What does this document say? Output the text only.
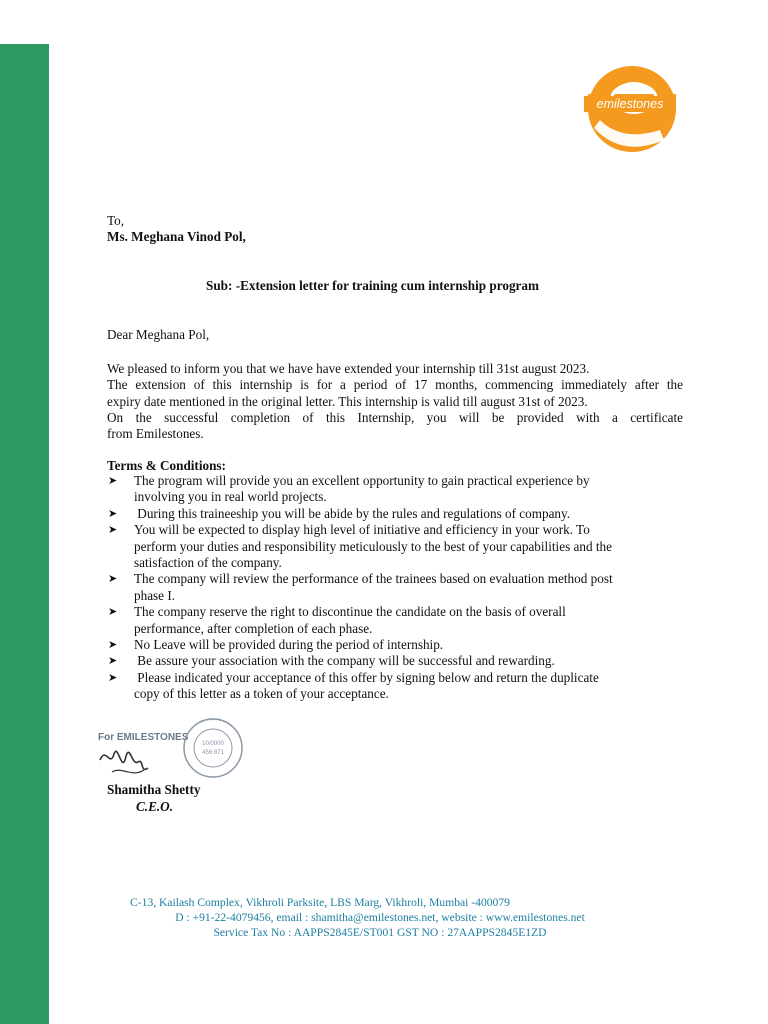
emilestones
To,
Ms. Meghana Vinod Pol,
Sub: -Extension letter for training cum internship program
Dear Meghana Pol,
We pleased to inform you that we have have extended your internship till 31st august 2023.
The extension of this internship is for a period of 17 months, commencing immediately after the
expiry date mentioned in the original letter. This internship is valid till august 31st of 2023.
On the successful completion of this Internship, you will be provided with a certificate
from Emilestones.
Terms & Conditions:
➤ The program will provide you an excellent opportunity to gain practical experience by
involving you in real world projects.
➤ During this traineeship you will be abide by the rules and regulations of company.
➤ You will be expected to display high level of initiative and efficiency in your work. To
perform your duties and responsibility meticulously to the best of your capabilities and the
satisfaction of the company.
➤ The company will review the performance of the trainees based on evaluation method post
phase I.
➤ The company reserve the right to discontinue the candidate on the basis of overall
performance, after completion of each phase.
➤ No Leave will be provided during the period of internship.
➤ Be assure your association with the company will be successful and rewarding.
➤ Please indicated your acceptance of this offer by signing below and return the duplicate
copy of this letter as a token of your acceptance.
For EMILESTONES
10/0000
456 871
Shamitha Shetty
C.E.O.
C-13, Kailash Complex, Vikhroli Parksite, LBS Marg, Vikhroli, Mumbai -400079
D : +91-22-4079456, email : shamitha@emilestones.net, website : www.emilestones.net
Service Tax No : AAPPS2845E/ST001 GST NO : 27AAPPS2845E1ZD
